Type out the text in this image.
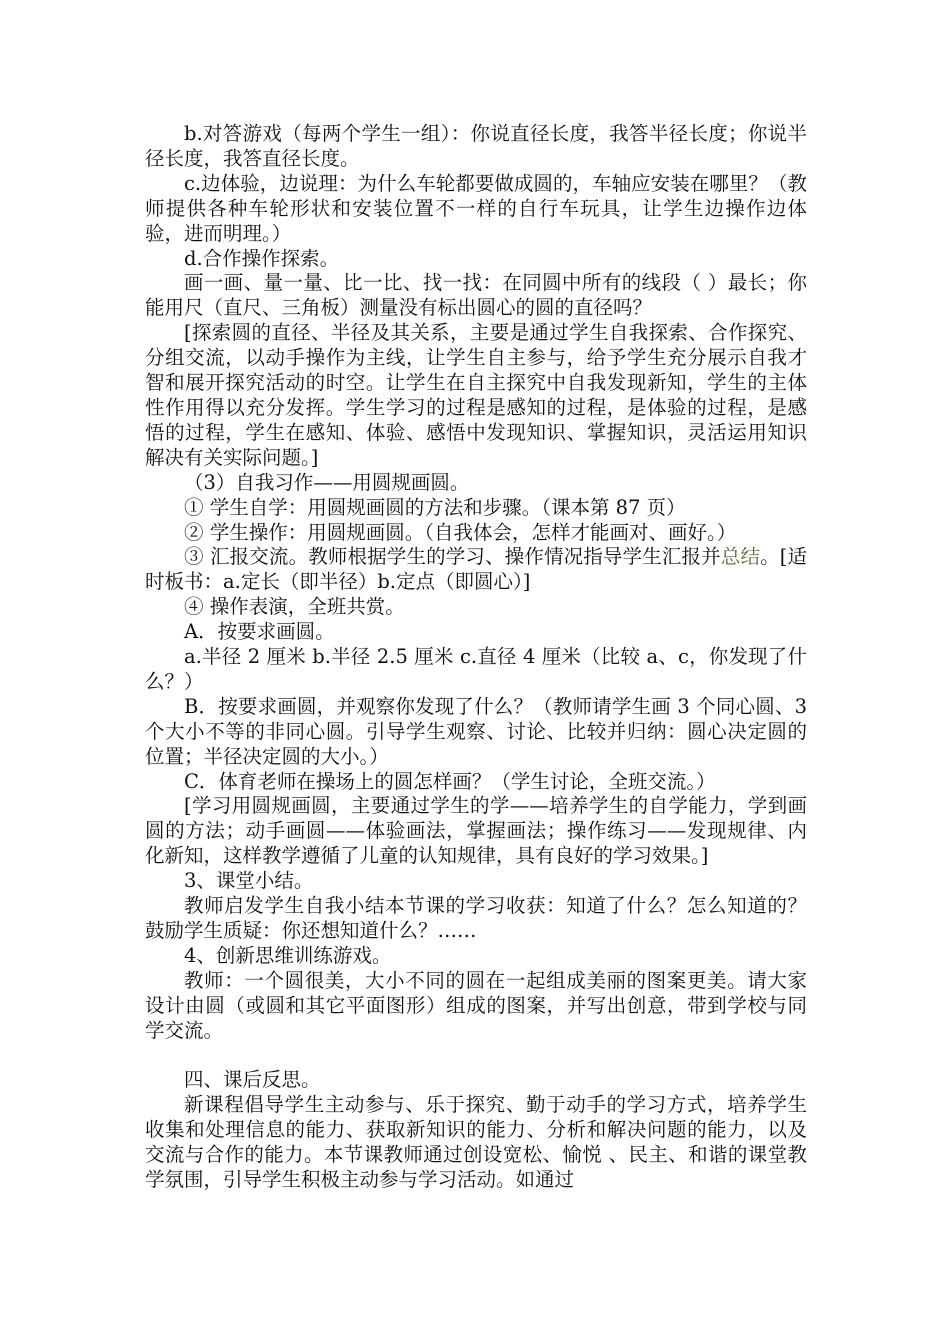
b.对答游戏（每两个学生一组）：你说直径长度，我答半径长度；你说半径长度，我答直径长度。

c.边体验，边说理：为什么车轮都要做成圆的，车轴应安装在哪里？（教师提供各种车轮形状和安装位置不一样的自行车玩具，让学生边操作边体验，进而明理。）

d.合作操作探索。

画一画、量一量、比一比、找一找：在同圆中所有的线段（ ）最长；你能用尺（直尺、三角板）测量没有标出圆心的圆的直径吗？

[探索圆的直径、半径及其关系，主要是通过学生自我探索、合作探究、分组交流，以动手操作为主线，让学生自主参与，给予学生充分展示自我才智和展开探究活动的时空。让学生在自主探究中自我发现新知，学生的主体性作用得以充分发挥。学生学习的过程是感知的过程，是体验的过程，是感悟的过程，学生在感知、体验、感悟中发现知识、掌握知识，灵活运用知识解决有关实际问题。]

（3）自我习作——用圆规画圆。

① 学生自学：用圆规画圆的方法和步骤。（课本第 87 页）

② 学生操作：用圆规画圆。（自我体会，怎样才能画对、画好。）

③ 汇报交流。教师根据学生的学习、操作情况指导学生汇报并总结。[适时板书：a.定长（即半径）b.定点（即圆心）]

④ 操作表演，全班共赏。

A．按要求画圆。

a.半径 2 厘米 b.半径 2.5 厘米 c.直径 4 厘米（比较 a、c，你发现了什么？）

B．按要求画圆，并观察你发现了什么？（教师请学生画 3 个同心圆、3 个大小不等的非同心圆。引导学生观察、讨论、比较并归纳：圆心决定圆的位置；半径决定圆的大小。）

C．体育老师在操场上的圆怎样画？（学生讨论，全班交流。）

[学习用圆规画圆，主要通过学生的学——培养学生的自学能力，学到画圆的方法；动手画圆——体验画法，掌握画法；操作练习——发现规律、内化新知，这样教学遵循了儿童的认知规律，具有良好的学习效果。]

3、课堂小结。

教师启发学生自我小结本节课的学习收获：知道了什么？怎么知道的？鼓励学生质疑：你还想知道什么？……

4、创新思维训练游戏。

教师：一个圆很美，大小不同的圆在一起组成美丽的图案更美。请大家设计由圆（或圆和其它平面图形）组成的图案，并写出创意，带到学校与同学交流。

四、课后反思。

新课程倡导学生主动参与、乐于探究、勤于动手的学习方式，培养学生收集和处理信息的能力、获取新知识的能力、分析和解决问题的能力，以及交流与合作的能力。本节课教师通过创设宽松、愉悦 、民主、和谐的课堂教学氛围，引导学生积极主动参与学习活动。如通过
